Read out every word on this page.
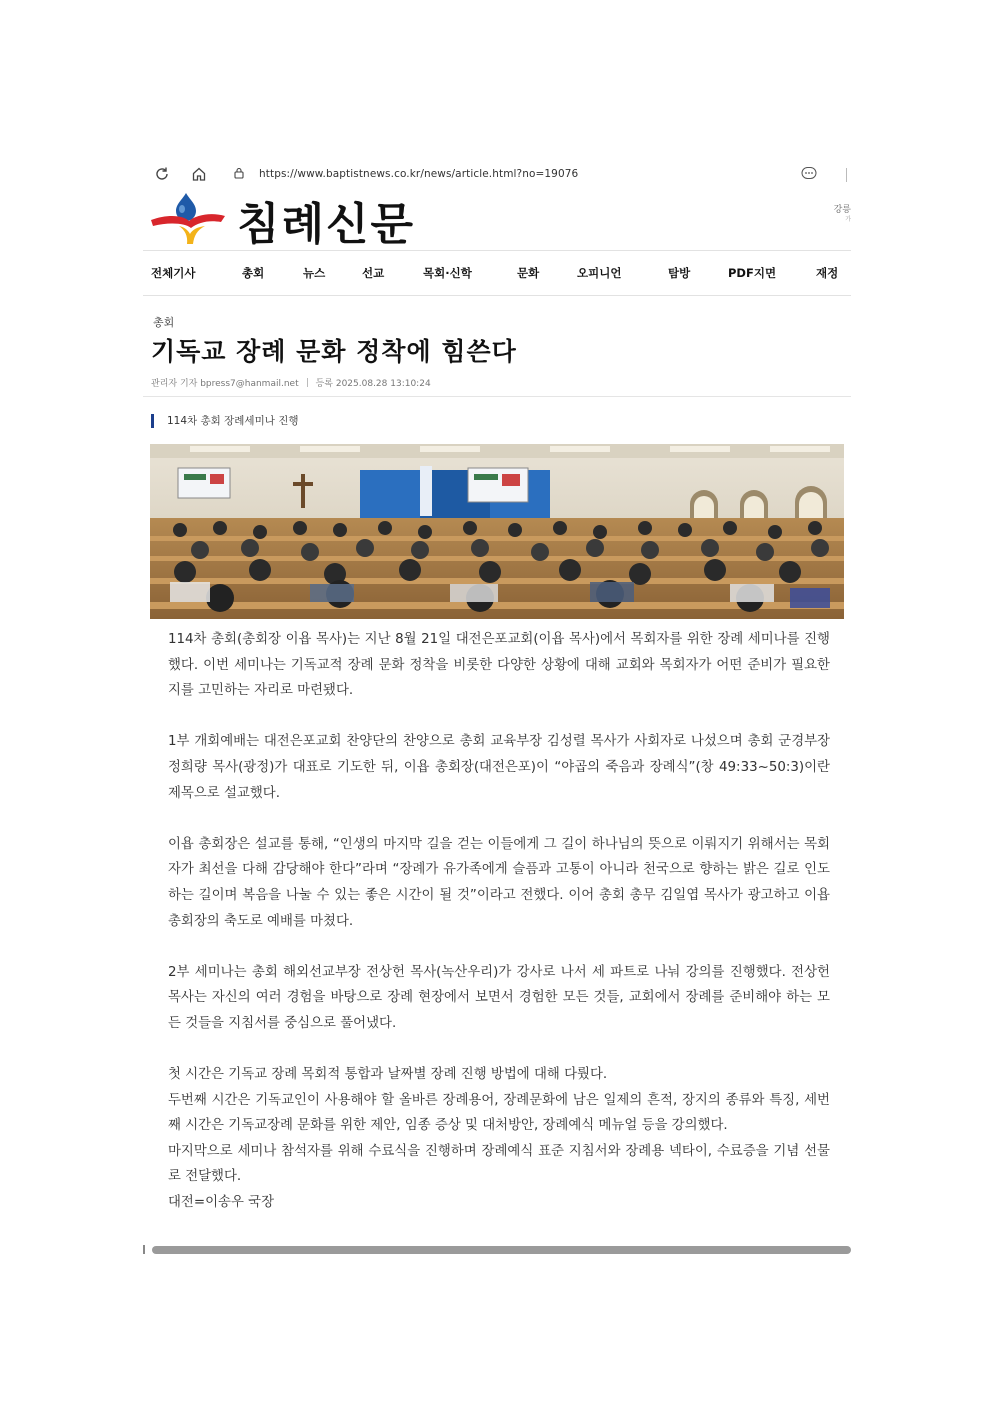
https://www.baptistnews.co.kr/news/article.html?no=19076
침례신문	강릉
가
전체기사	총회	뉴스	선교	목회·신학	문화	오피니언	탐방	PDF지면	재정
총회
기독교 장례 문화 정착에 힘쓴다
관리자 기자 bpress7@hanmail.net 등록 2025.08.28 13:10:24
114차 총회 장례세미나 진행

114차 총회(총회장 이욥 목사)는 지난 8월 21일 대전은포교회(이욥 목사)에서 목회자를 위한 장례 세미나를 진행했다. 이번 세미나는 기독교적 장례 문화 정착을 비롯한 다양한 상황에 대해 교회와 목회자가 어떤 준비가 필요한 지를 고민하는 자리로 마련됐다.

1부 개회예배는 대전은포교회 찬양단의 찬양으로 총회 교육부장 김성렬 목사가 사회자로 나섰으며 총회 군경부장 정희량 목사(광정)가 대표로 기도한 뒤, 이욥 총회장(대전은포)이 “야곱의 죽음과 장례식”(창 49:33~50:3)이란 제목으로 설교했다.

이욥 총회장은 설교를 통해, “인생의 마지막 길을 걷는 이들에게 그 길이 하나님의 뜻으로 이뤄지기 위해서는 목회자가 최선을 다해 감당해야 한다”라며 “장례가 유가족에게 슬픔과 고통이 아니라 천국으로 향하는 밝은 길로 인도하는 길이며 복음을 나눌 수 있는 좋은 시간이 될 것”이라고 전했다. 이어 총회 총무 김일엽 목사가 광고하고 이욥 총회장의 축도로 예배를 마쳤다.

2부 세미나는 총회 해외선교부장 전상헌 목사(녹산우리)가 강사로 나서 세 파트로 나눠 강의를 진행했다. 전상헌 목사는 자신의 여러 경험을 바탕으로 장례 현장에서 보면서 경험한 모든 것들, 교회에서 장례를 준비해야 하는 모든 것들을 지침서를 중심으로 풀어냈다.

첫 시간은 기독교 장례 목회적 통합과 날짜별 장례 진행 방법에 대해 다뤘다.

두번째 시간은 기독교인이 사용해야 할 올바른 장례용어, 장례문화에 남은 일제의 흔적, 장지의 종류와 특징, 세번째 시간은 기독교장례 문화를 위한 제안, 임종 증상 및 대처방안, 장례예식 메뉴얼 등을 강의했다.

마지막으로 세미나 참석자를 위해 수료식을 진행하며 장례예식 표준 지침서와 장례용 넥타이, 수료증을 기념 선물로 전달했다.

대전=이송우 국장
